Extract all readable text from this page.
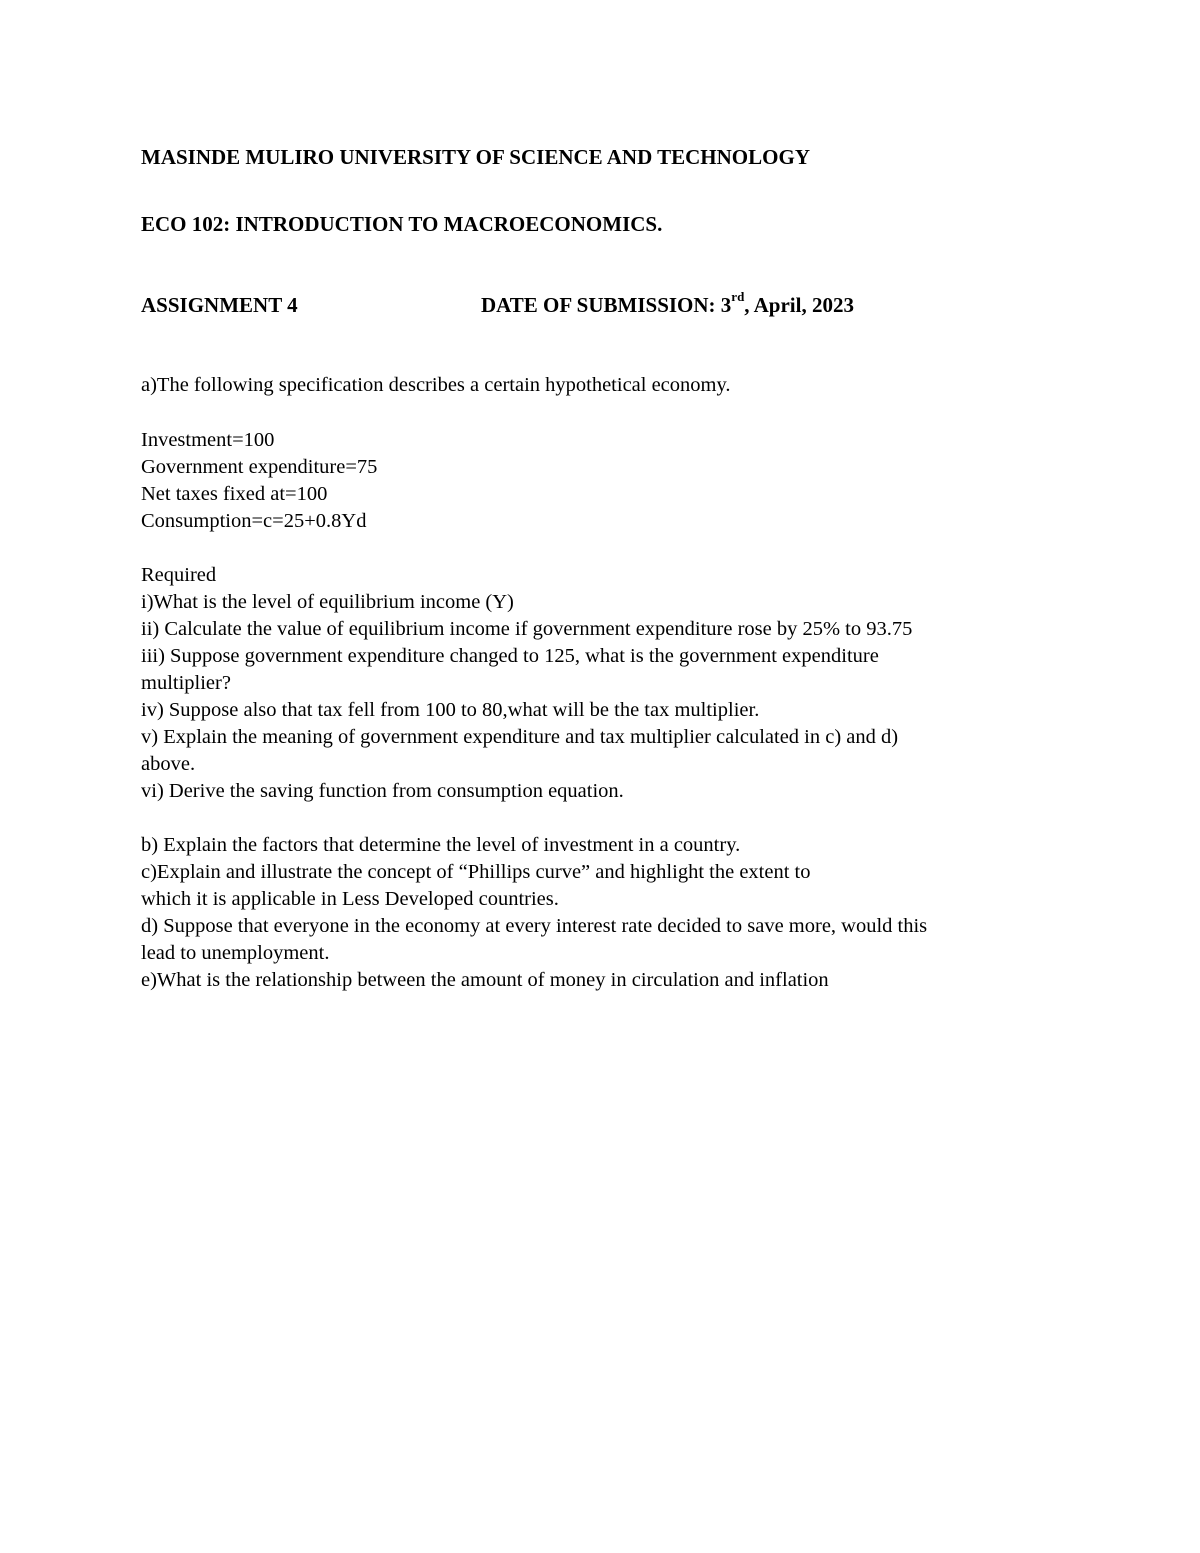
MASINDE MULIRO UNIVERSITY OF SCIENCE AND TECHNOLOGY
ECO 102: INTRODUCTION TO MACROECONOMICS.
ASSIGNMENT 4	DATE OF SUBMISSION: 3rd, April, 2023
a)The following specification describes a certain hypothetical economy.
Investment=100
Government expenditure=75
Net taxes fixed at=100
Consumption=c=25+0.8Yd
Required
i)What is the level of equilibrium income (Y)
ii) Calculate the value of equilibrium income if government expenditure rose by 25% to 93.75
iii) Suppose government expenditure changed to 125, what is the government expenditure
multiplier?
iv) Suppose also that tax fell from 100 to 80,what will be the tax multiplier.
v) Explain the meaning of government expenditure and tax multiplier calculated in c) and d)
above.
vi) Derive the saving function from consumption equation.
b) Explain the factors that determine the level of investment in a country.
c)Explain and illustrate the concept of “Phillips curve” and highlight the extent to
which it is applicable in Less Developed countries.
d) Suppose that everyone in the economy at every interest rate decided to save more, would this
lead to unemployment.
e)What is the relationship between the amount of money in circulation and inflation
